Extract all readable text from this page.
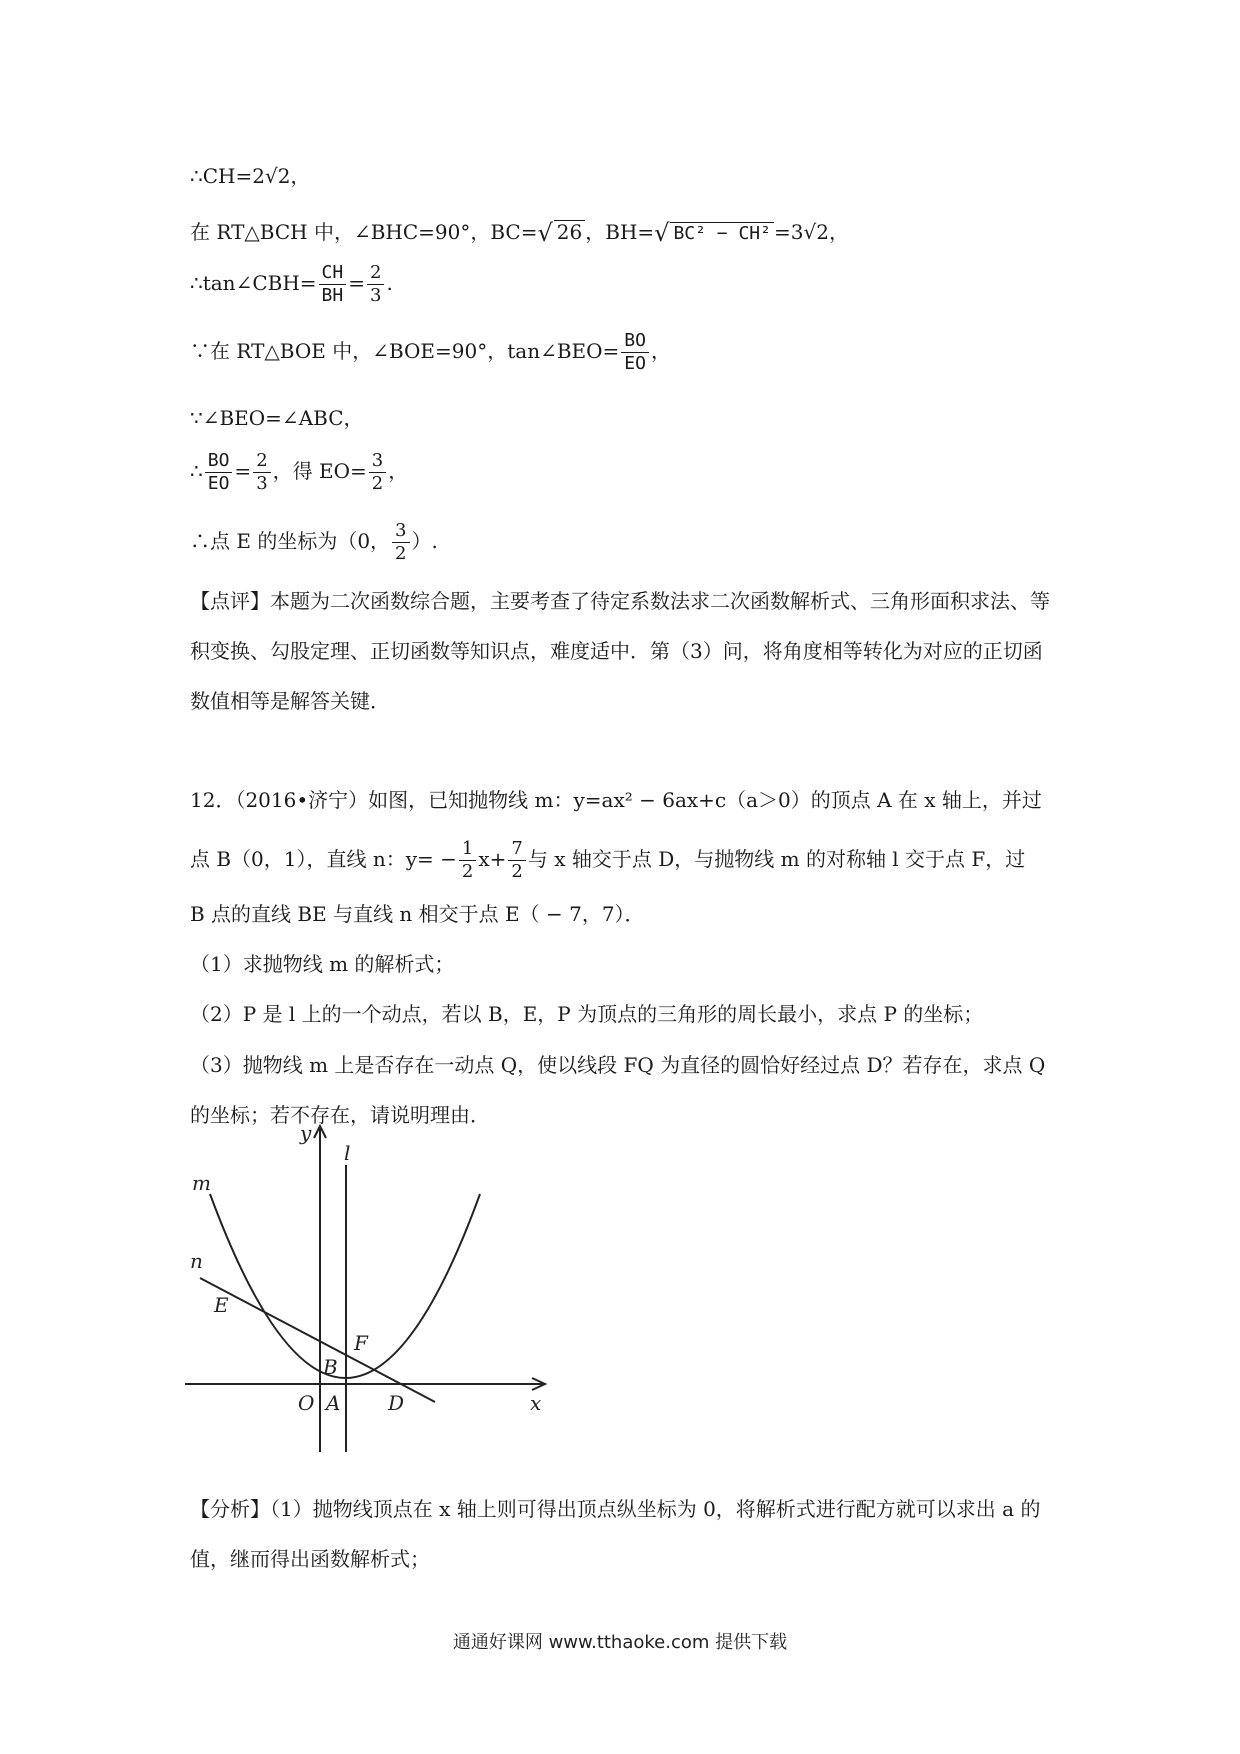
∴CH=2√2，
在 RT△BCH 中，∠BHC=90°，BC=√ 26 ，BH=√ BC² − CH² =3√2，
∴tan∠CBH= $\frac{CH}{BH} = \frac{2}{3}$ .
∵在 RT△BOE 中，∠BOE=90°，tan∠BEO= $\frac{BO}{EO}$ ，
∵∠BEO=∠ABC，
∴ $\frac{BO}{EO} = \frac{2}{3}$ ，得 $EO= \frac{3}{2}$ ，
∴点 E 的坐标为（0， $\frac{3}{2}$ ）.
【点评】本题为二次函数综合题，主要考查了待定系数法求二次函数解析式、三角形面积求法、等积变换、勾股定理、正切函数等知识点，难度适中．第（3）问，将角度相等转化为对应的正切函数值相等是解答关键．
12．（2016•济宁）如图，已知抛物线 m：y=ax² − 6ax+c（a＞0）的顶点 A 在 x 轴上，并过
点 B（0，1），直线 n：$y= - \frac{1}{2} x+ \frac{7}{2}$ 与 x 轴交于点 D，与抛物线 m 的对称轴 l 交于点 F，过
B 点的直线 BE 与直线 n 相交于点 E（ − 7，7）．
（1）求抛物线 m 的解析式；
（2）P 是 l 上的一个动点，若以 B，E，P 为顶点的三角形的周长最小，求点 P 的坐标；
（3）抛物线 m 上是否存在一动点 Q，使以线段 FQ 为直径的圆恰好经过点 D？若存在，求点 Q 的坐标；若不存在，请说明理由．
y
l
m
n
E
F
B
O A D	x
【分析】（1）抛物线顶点在 x 轴上则可得出顶点纵坐标为 0，将解析式进行配方就可以求出 a 的值，继而得出函数解析式；
通通好课网 www.tthaoke.com 提供下载
